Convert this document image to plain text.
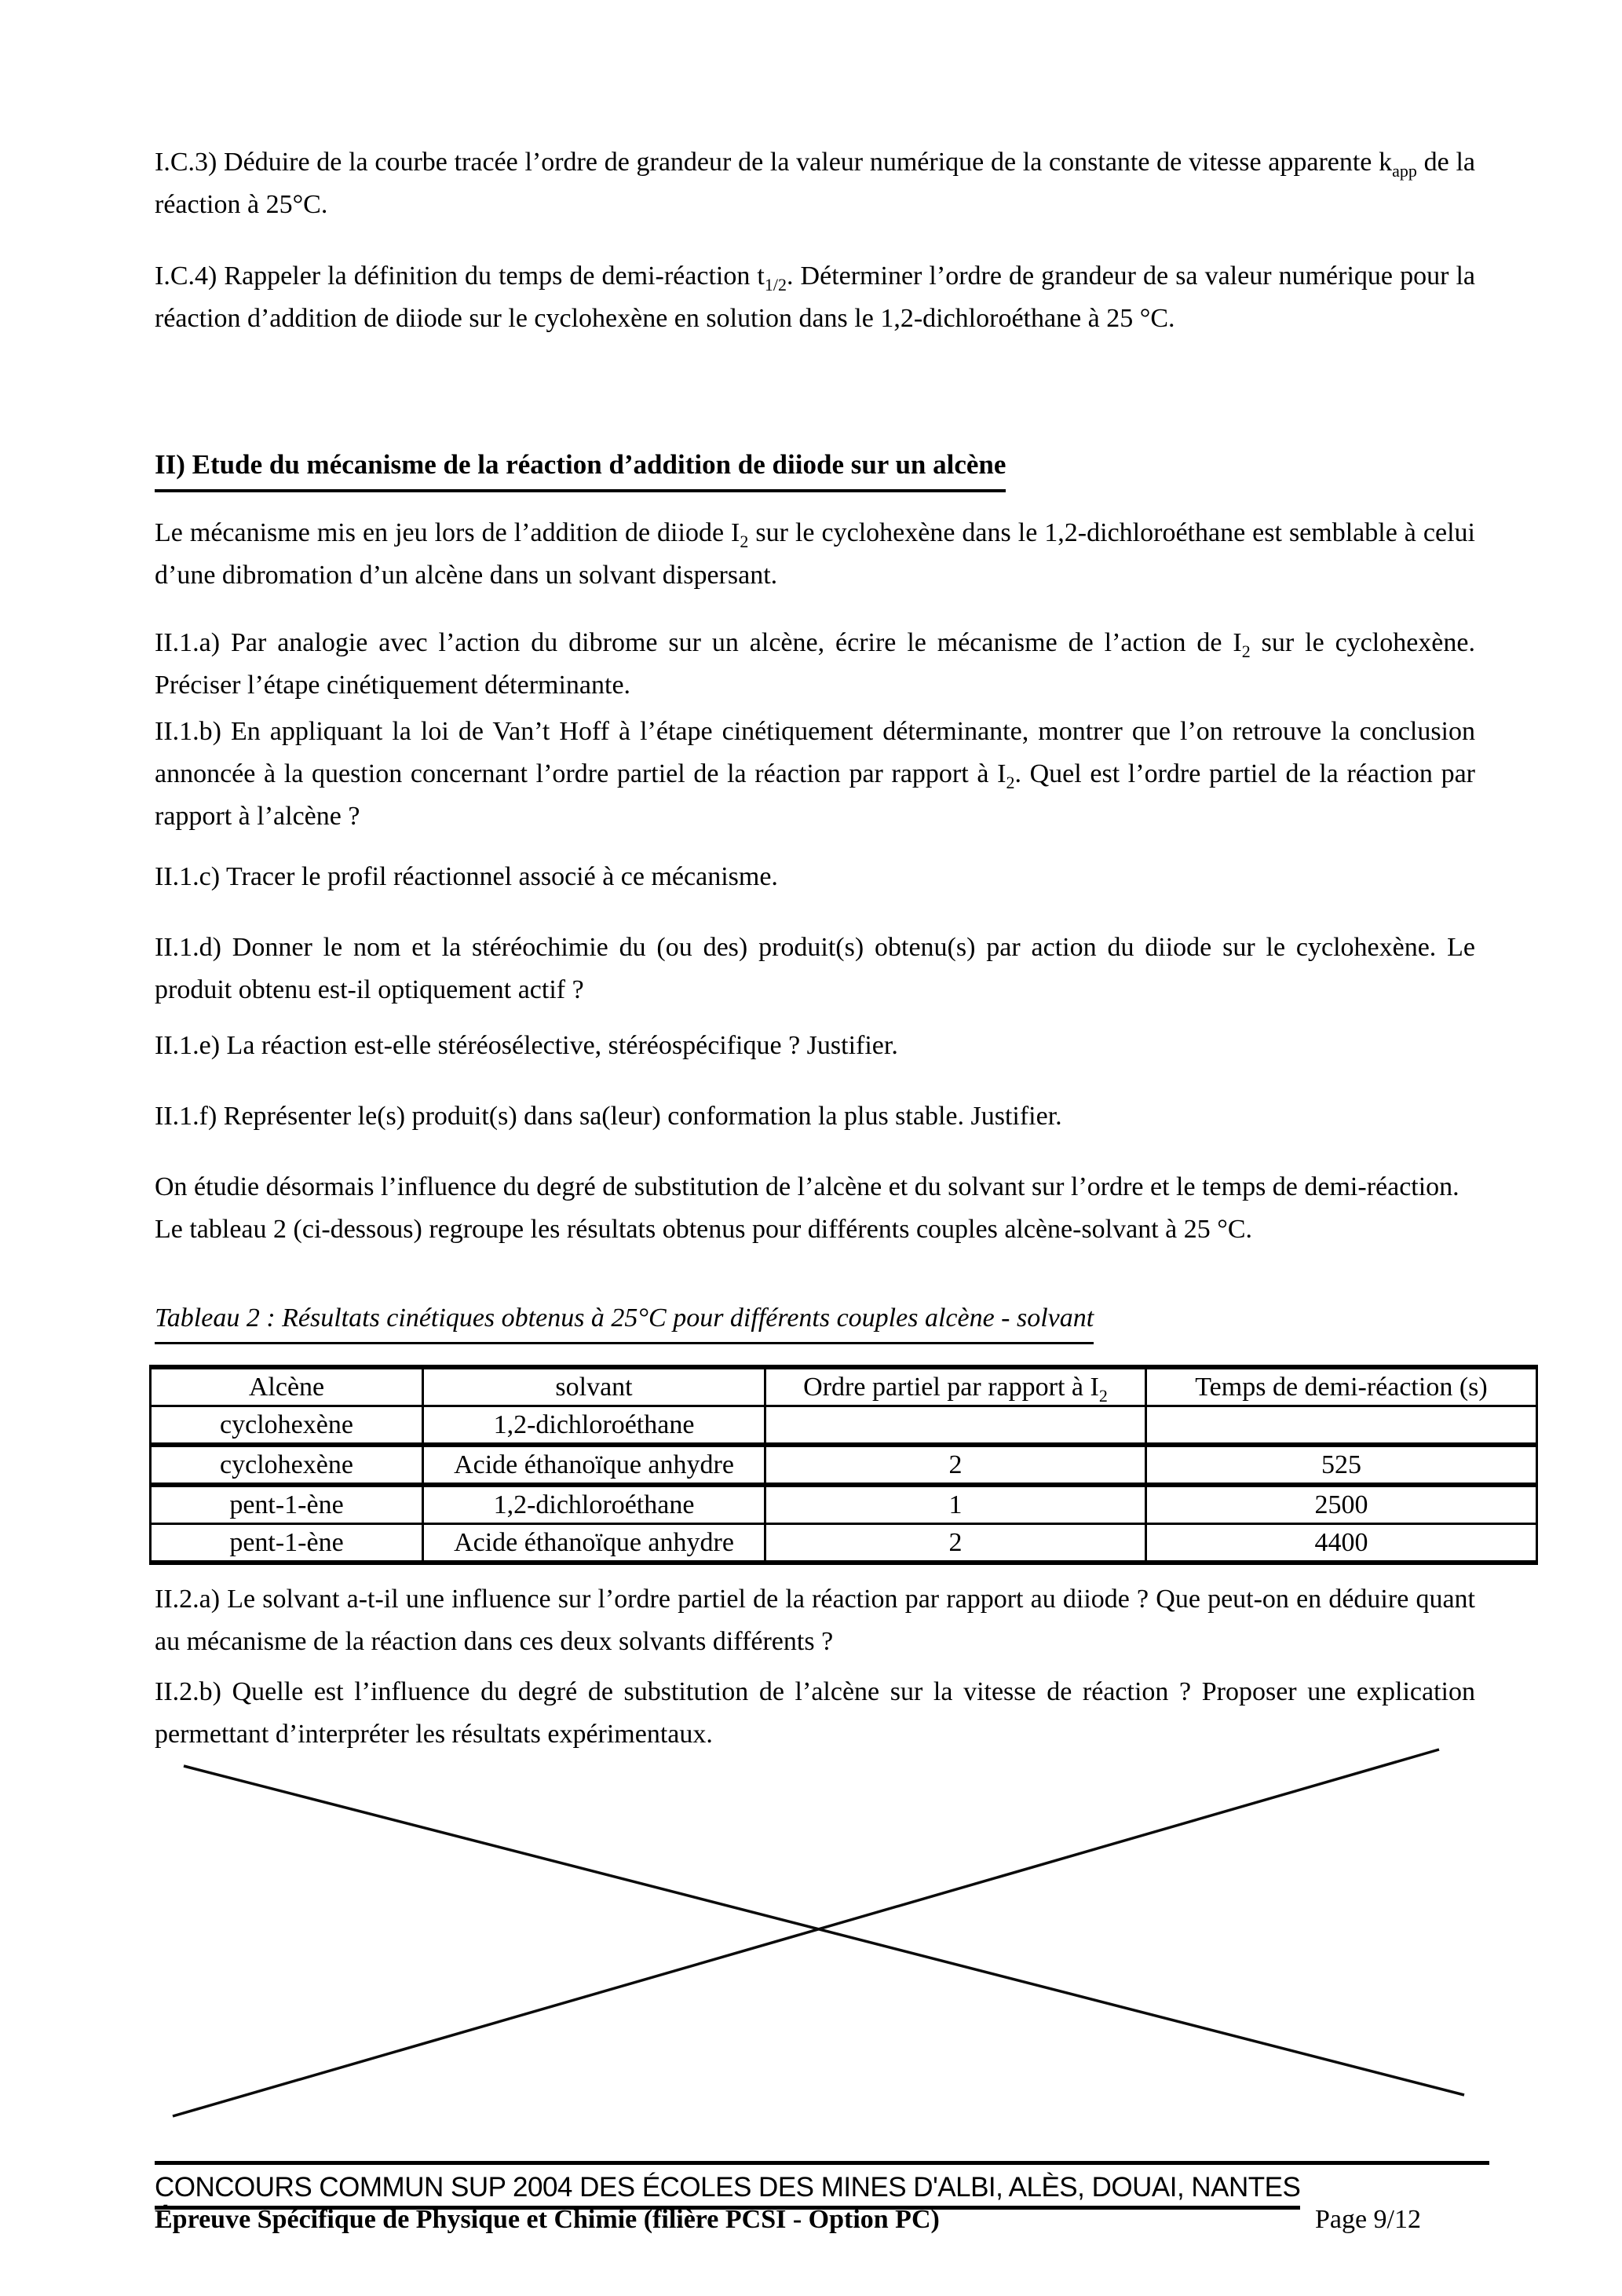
I.C.3) Déduire de la courbe tracée l’ordre de grandeur de la valeur numérique de la constante de vitesse apparente $k_{app}$ de la réaction à 25°C.

I.C.4) Rappeler la définition du temps de demi-réaction $t_{1/2}$. Déterminer l’ordre de grandeur de sa valeur numérique pour la réaction d’addition de diiode sur le cyclohexène en solution dans le 1,2-dichloroéthane à 25 °C.

II) Etude du mécanisme de la réaction d’addition de diiode sur un alcène

Le mécanisme mis en jeu lors de l’addition de diiode $I_2$ sur le cyclohexène dans le 1,2-dichloroéthane est semblable à celui d’une dibromation d’un alcène dans un solvant dispersant.

II.1.a) Par analogie avec l’action du dibrome sur un alcène, écrire le mécanisme de l’action de $I_2$ sur le cyclohexène. Préciser l’étape cinétiquement déterminante.

II.1.b) En appliquant la loi de Van’t Hoff à l’étape cinétiquement déterminante, montrer que l’on retrouve la conclusion annoncée à la question concernant l’ordre partiel de la réaction par rapport à $I_2$. Quel est l’ordre partiel de la réaction par rapport à l’alcène ?

II.1.c) Tracer le profil réactionnel associé à ce mécanisme.

II.1.d) Donner le nom et la stéréochimie du (ou des) produit(s) obtenu(s) par action du diiode sur le cyclohexène. Le produit obtenu est-il optiquement actif ?

II.1.e) La réaction est-elle stéréosélective, stéréospécifique ? Justifier.

II.1.f) Représenter le(s) produit(s) dans sa(leur) conformation la plus stable. Justifier.

On étudie désormais l’influence du degré de substitution de l’alcène et du solvant sur l’ordre et le temps de demi-réaction.

Le tableau 2 (ci-dessous) regroupe les résultats obtenus pour différents couples alcène-solvant à 25 °C.

Tableau 2 : Résultats cinétiques obtenus à 25°C pour différents couples alcène - solvant
Alcène	solvant	Ordre partiel par rapport à $I_2$	Temps de demi-réaction (s)
cyclohexène	1,2-dichloroéthane		
cyclohexène	Acide éthanoïque anhydre	2	525
pent-1-ène	1,2-dichloroéthane	1	2500
pent-1-ène	Acide éthanoïque anhydre	2	4400

II.2.a) Le solvant a-t-il une influence sur l’ordre partiel de la réaction par rapport au diiode ? Que peut-on en déduire quant au mécanisme de la réaction dans ces deux solvants différents ?

II.2.b) Quelle est l’influence du degré de substitution de l’alcène sur la vitesse de réaction ? Proposer une explication permettant d’interpréter les résultats expérimentaux.

CONCOURS COMMUN SUP 2004 DES ÉCOLES DES MINES D'ALBI, ALÈS, DOUAI, NANTES
Épreuve Spécifique de Physique et Chimie (filière PCSI - Option PC)	Page 9/12
